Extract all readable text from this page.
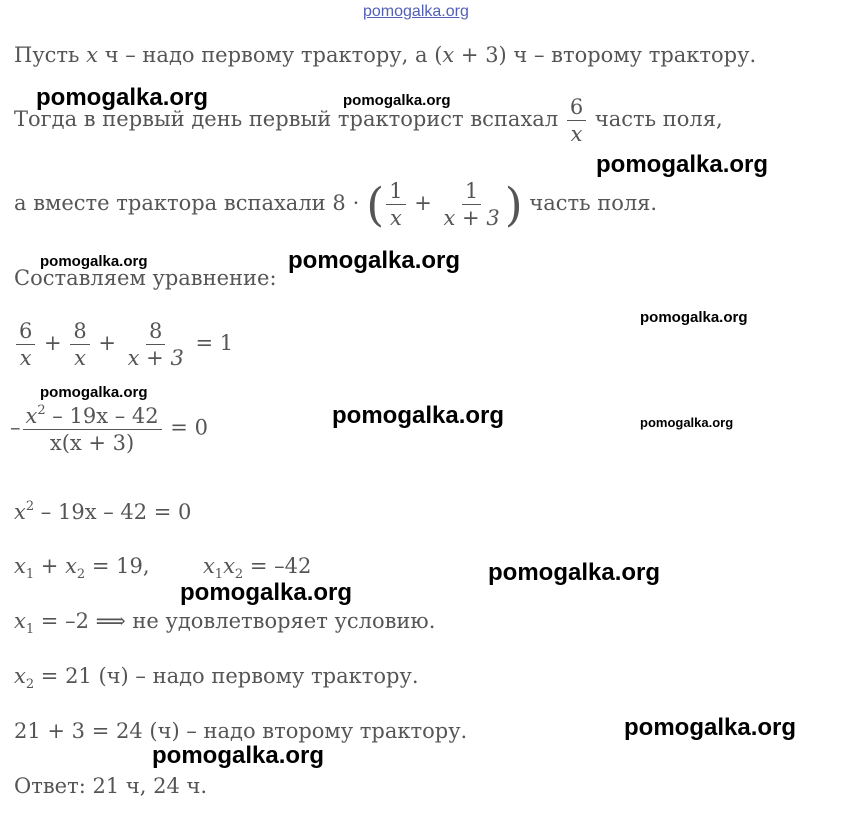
pomogalka.org
Пусть x ч – надо первому трактору, а (x + 3) ч – второму трактору.
Тогда в первый день первый тракторист вспахал $\frac{6}{x}$ часть поля,
а вместе трактора вспахали 8 ⋅ ( $\frac{1}{x} + \frac{1}{x + 3}$ ) часть поля.
Составляем уравнение:
$\frac{6}{x} + \frac{8}{x} + \frac{8}{x + 3} = 1$
– $\frac{x^2 - 19x - 42}{x(x + 3)} = 0$
$x^2 - 19x - 42 = 0$
$x_1 + x_2 = 19$,	$x_1x_2 = -42$
$x_1 = -2$ ⟹ не удовлетворяет условию.
$x_2 = 21$ (ч) – надо первому трактору.
21 + 3 = 24 (ч) – надо второму трактору.
Ответ: 21 ч, 24 ч.
pomogalka.org	pomogalka.org
pomogalka.org
pomogalka.org	pomogalka.org
pomogalka.org
pomogalka.org
pomogalka.org	pomogalka.org
pomogalka.org
pomogalka.org
pomogalka.org
pomogalka.org
